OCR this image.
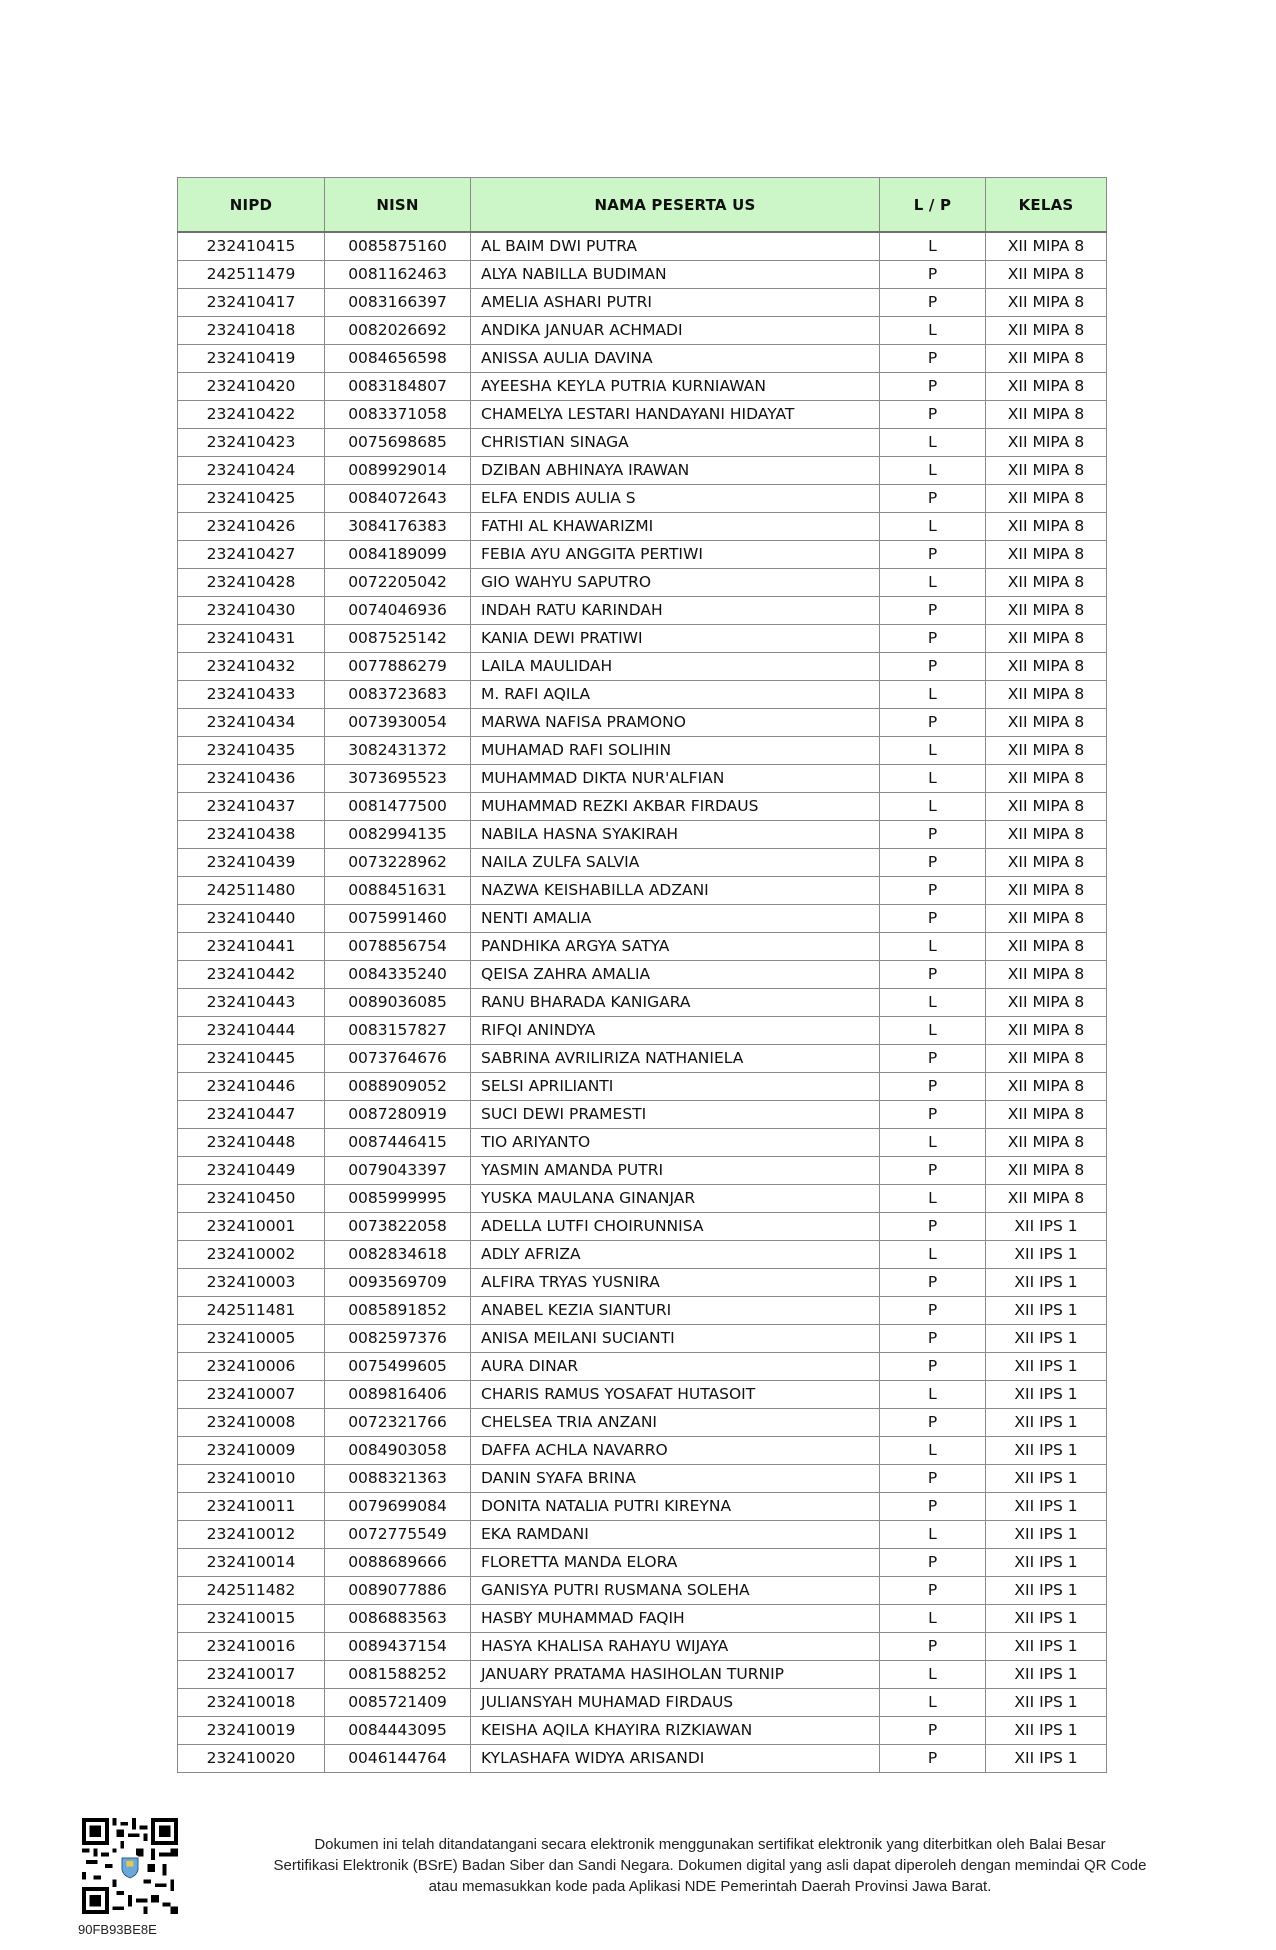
NIPD	NISN	NAMA PESERTA US	L / P	KELAS
232410415	0085875160	AL BAIM DWI PUTRA	L	XII MIPA 8
242511479	0081162463	ALYA NABILLA BUDIMAN	P	XII MIPA 8
232410417	0083166397	AMELIA ASHARI PUTRI	P	XII MIPA 8
232410418	0082026692	ANDIKA JANUAR ACHMADI	L	XII MIPA 8
232410419	0084656598	ANISSA AULIA DAVINA	P	XII MIPA 8
232410420	0083184807	AYEESHA KEYLA PUTRIA KURNIAWAN	P	XII MIPA 8
232410422	0083371058	CHAMELYA LESTARI HANDAYANI HIDAYAT	P	XII MIPA 8
232410423	0075698685	CHRISTIAN SINAGA	L	XII MIPA 8
232410424	0089929014	DZIBAN ABHINAYA IRAWAN	L	XII MIPA 8
232410425	0084072643	ELFA ENDIS AULIA S	P	XII MIPA 8
232410426	3084176383	FATHI AL KHAWARIZMI	L	XII MIPA 8
232410427	0084189099	FEBIA AYU ANGGITA PERTIWI	P	XII MIPA 8
232410428	0072205042	GIO WAHYU SAPUTRO	L	XII MIPA 8
232410430	0074046936	INDAH RATU KARINDAH	P	XII MIPA 8
232410431	0087525142	KANIA DEWI PRATIWI	P	XII MIPA 8
232410432	0077886279	LAILA MAULIDAH	P	XII MIPA 8
232410433	0083723683	M. RAFI AQILA	L	XII MIPA 8
232410434	0073930054	MARWA NAFISA PRAMONO	P	XII MIPA 8
232410435	3082431372	MUHAMAD RAFI SOLIHIN	L	XII MIPA 8
232410436	3073695523	MUHAMMAD DIKTA NUR'ALFIAN	L	XII MIPA 8
232410437	0081477500	MUHAMMAD REZKI AKBAR FIRDAUS	L	XII MIPA 8
232410438	0082994135	NABILA HASNA SYAKIRAH	P	XII MIPA 8
232410439	0073228962	NAILA ZULFA SALVIA	P	XII MIPA 8
242511480	0088451631	NAZWA KEISHABILLA ADZANI	P	XII MIPA 8
232410440	0075991460	NENTI AMALIA	P	XII MIPA 8
232410441	0078856754	PANDHIKA ARGYA SATYA	L	XII MIPA 8
232410442	0084335240	QEISA ZAHRA AMALIA	P	XII MIPA 8
232410443	0089036085	RANU BHARADA KANIGARA	L	XII MIPA 8
232410444	0083157827	RIFQI ANINDYA	L	XII MIPA 8
232410445	0073764676	SABRINA AVRILIRIZA NATHANIELA	P	XII MIPA 8
232410446	0088909052	SELSI APRILIANTI	P	XII MIPA 8
232410447	0087280919	SUCI DEWI PRAMESTI	P	XII MIPA 8
232410448	0087446415	TIO ARIYANTO	L	XII MIPA 8
232410449	0079043397	YASMIN AMANDA PUTRI	P	XII MIPA 8
232410450	0085999995	YUSKA MAULANA GINANJAR	L	XII MIPA 8
232410001	0073822058	ADELLA LUTFI CHOIRUNNISA	P	XII IPS 1
232410002	0082834618	ADLY AFRIZA	L	XII IPS 1
232410003	0093569709	ALFIRA TRYAS YUSNIRA	P	XII IPS 1
242511481	0085891852	ANABEL KEZIA SIANTURI	P	XII IPS 1
232410005	0082597376	ANISA MEILANI SUCIANTI	P	XII IPS 1
232410006	0075499605	AURA DINAR	P	XII IPS 1
232410007	0089816406	CHARIS RAMUS YOSAFAT HUTASOIT	L	XII IPS 1
232410008	0072321766	CHELSEA TRIA ANZANI	P	XII IPS 1
232410009	0084903058	DAFFA ACHLA NAVARRO	L	XII IPS 1
232410010	0088321363	DANIN SYAFA BRINA	P	XII IPS 1
232410011	0079699084	DONITA NATALIA PUTRI KIREYNA	P	XII IPS 1
232410012	0072775549	EKA RAMDANI	L	XII IPS 1
232410014	0088689666	FLORETTA MANDA ELORA	P	XII IPS 1
242511482	0089077886	GANISYA PUTRI RUSMANA SOLEHA	P	XII IPS 1
232410015	0086883563	HASBY MUHAMMAD FAQIH	L	XII IPS 1
232410016	0089437154	HASYA KHALISA RAHAYU WIJAYA	P	XII IPS 1
232410017	0081588252	JANUARY PRATAMA HASIHOLAN TURNIP	L	XII IPS 1
232410018	0085721409	JULIANSYAH MUHAMAD FIRDAUS	L	XII IPS 1
232410019	0084443095	KEISHA AQILA KHAYIRA RIZKIAWAN	P	XII IPS 1
232410020	0046144764	KYLASHAFA WIDYA ARISANDI	P	XII IPS 1
90FB93BE8E
Dokumen ini telah ditandatangani secara elektronik menggunakan sertifikat elektronik yang diterbitkan oleh Balai Besar
Sertifikasi Elektronik (BSrE) Badan Siber dan Sandi Negara. Dokumen digital yang asli dapat diperoleh dengan memindai QR Code
atau memasukkan kode pada Aplikasi NDE Pemerintah Daerah Provinsi Jawa Barat.
